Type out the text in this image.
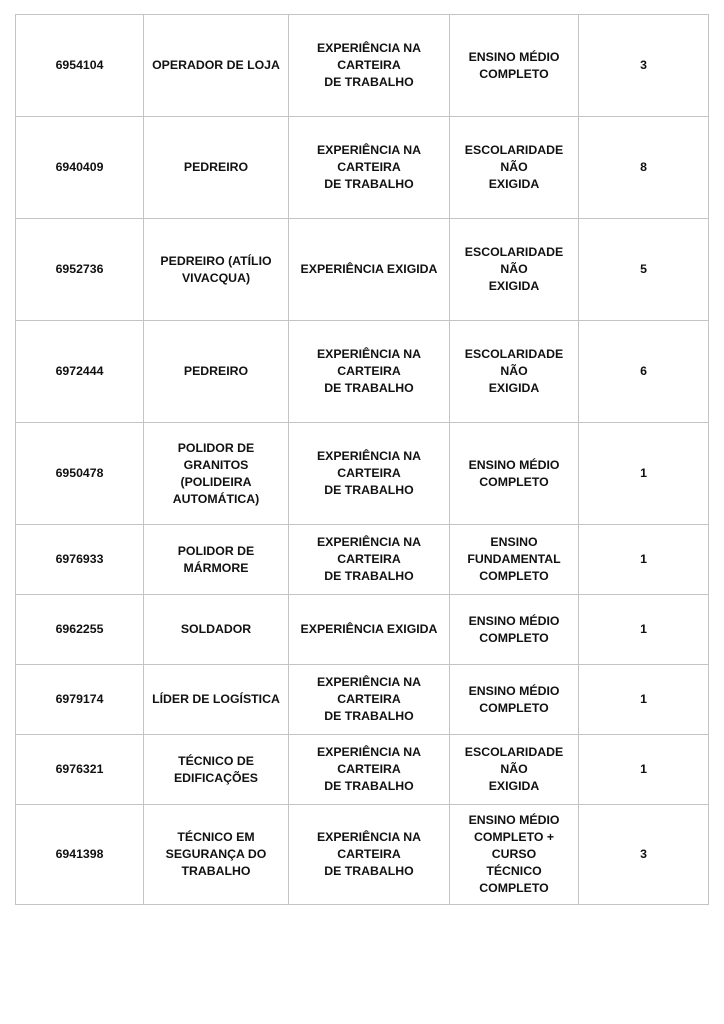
6954104	OPERADOR DE LOJA	EXPERIÊNCIA NA CARTEIRA
DE TRABALHO	ENSINO MÉDIO
COMPLETO	3
6940409	PEDREIRO	EXPERIÊNCIA NA CARTEIRA
DE TRABALHO	ESCOLARIDADE NÃO
EXIGIDA	8
6952736	PEDREIRO (ATÍLIO
VIVACQUA)	EXPERIÊNCIA EXIGIDA	ESCOLARIDADE NÃO
EXIGIDA	5
6972444	PEDREIRO	EXPERIÊNCIA NA CARTEIRA
DE TRABALHO	ESCOLARIDADE NÃO
EXIGIDA	6
6950478	POLIDOR DE GRANITOS
(POLIDEIRA
AUTOMÁTICA)	EXPERIÊNCIA NA CARTEIRA
DE TRABALHO	ENSINO MÉDIO
COMPLETO	1
6976933	POLIDOR DE MÁRMORE	EXPERIÊNCIA NA CARTEIRA
DE TRABALHO	ENSINO
FUNDAMENTAL
COMPLETO	1
6962255	SOLDADOR	EXPERIÊNCIA EXIGIDA	ENSINO MÉDIO
COMPLETO	1
6979174	LÍDER DE LOGÍSTICA	EXPERIÊNCIA NA CARTEIRA
DE TRABALHO	ENSINO MÉDIO
COMPLETO	1
6976321	TÉCNICO DE
EDIFICAÇÕES	EXPERIÊNCIA NA CARTEIRA
DE TRABALHO	ESCOLARIDADE NÃO
EXIGIDA	1
6941398	TÉCNICO EM
SEGURANÇA DO
TRABALHO	EXPERIÊNCIA NA CARTEIRA
DE TRABALHO	ENSINO MÉDIO
COMPLETO + CURSO
TÉCNICO COMPLETO	3
